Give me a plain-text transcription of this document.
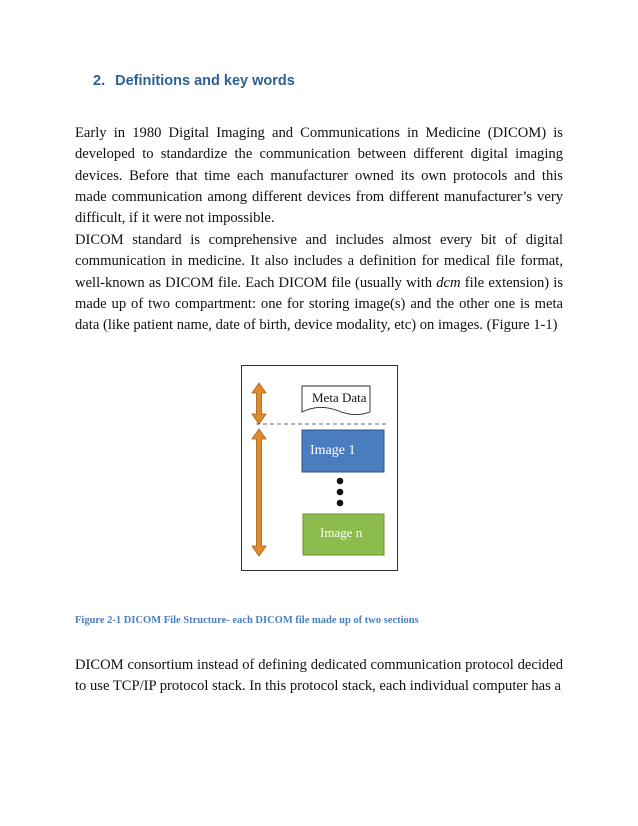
2. Definitions and key words

Early in 1980 Digital Imaging and Communications in Medicine (DICOM) is developed to standardize the communication between different digital imaging devices. Before that time each manufacturer owned its own protocols and this made communication among different devices from different manufacturer’s very difficult, if it were not impossible.

DICOM standard is comprehensive and includes almost every bit of digital communication in medicine. It also includes a definition for medical file format, well-known as DICOM file. Each DICOM file (usually with dcm file extension) is made up of two compartment: one for storing image(s) and the other one is meta data (like patient name, date of birth, device modality, etc) on images. (Figure 1-1)

Meta Data
Image 1
Image n
Figure 2-1 DICOM File Structure- each DICOM file made up of two sections

DICOM consortium instead of defining dedicated communication protocol decided to use TCP/IP protocol stack. In this protocol stack, each individual computer has a
